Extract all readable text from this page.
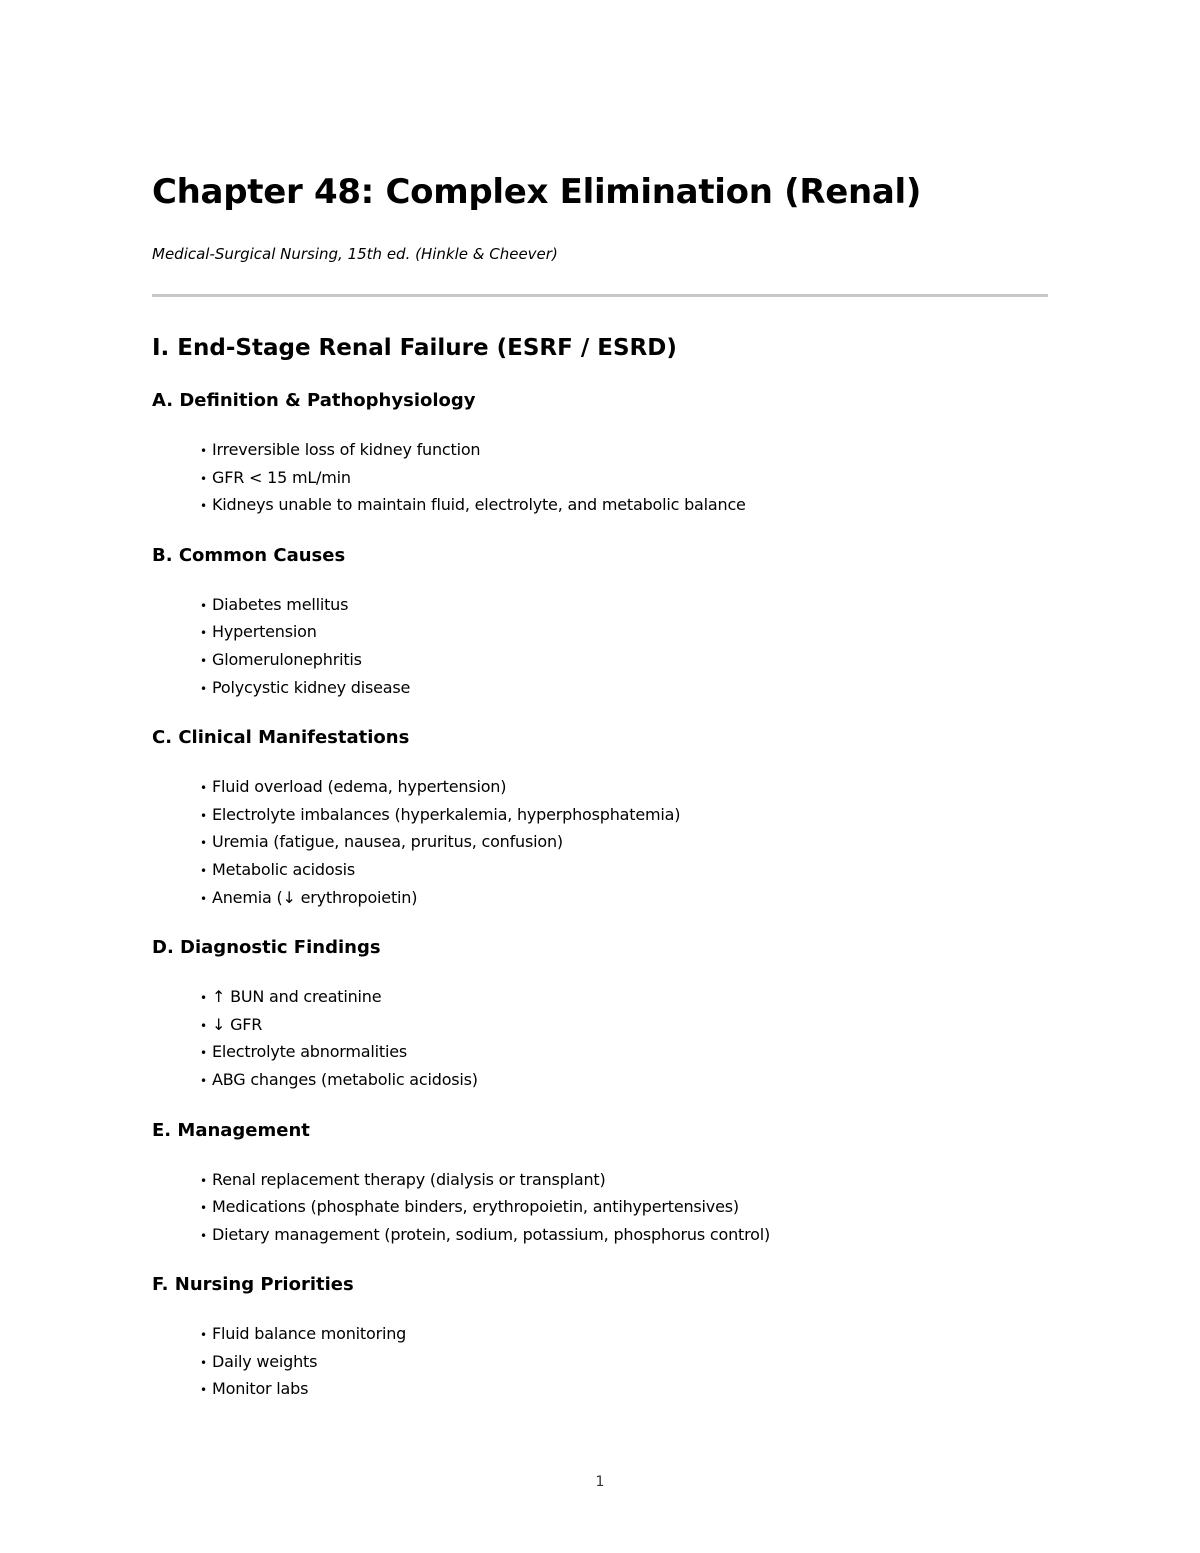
Chapter 48: Complex Elimination (Renal)
Medical-Surgical Nursing, 15th ed. (Hinkle & Cheever)
I. End-Stage Renal Failure (ESRF / ESRD)
A. Definition & Pathophysiology
• Irreversible loss of kidney function
• GFR < 15 mL/min
• Kidneys unable to maintain fluid, electrolyte, and metabolic balance
B. Common Causes
• Diabetes mellitus
• Hypertension
• Glomerulonephritis
• Polycystic kidney disease
C. Clinical Manifestations
• Fluid overload (edema, hypertension)
• Electrolyte imbalances (hyperkalemia, hyperphosphatemia)
• Uremia (fatigue, nausea, pruritus, confusion)
• Metabolic acidosis
• Anemia (↓ erythropoietin)
D. Diagnostic Findings
• ↑ BUN and creatinine
• ↓ GFR
• Electrolyte abnormalities
• ABG changes (metabolic acidosis)
E. Management
• Renal replacement therapy (dialysis or transplant)
• Medications (phosphate binders, erythropoietin, antihypertensives)
• Dietary management (protein, sodium, potassium, phosphorus control)
F. Nursing Priorities
• Fluid balance monitoring
• Daily weights
• Monitor labs
1
